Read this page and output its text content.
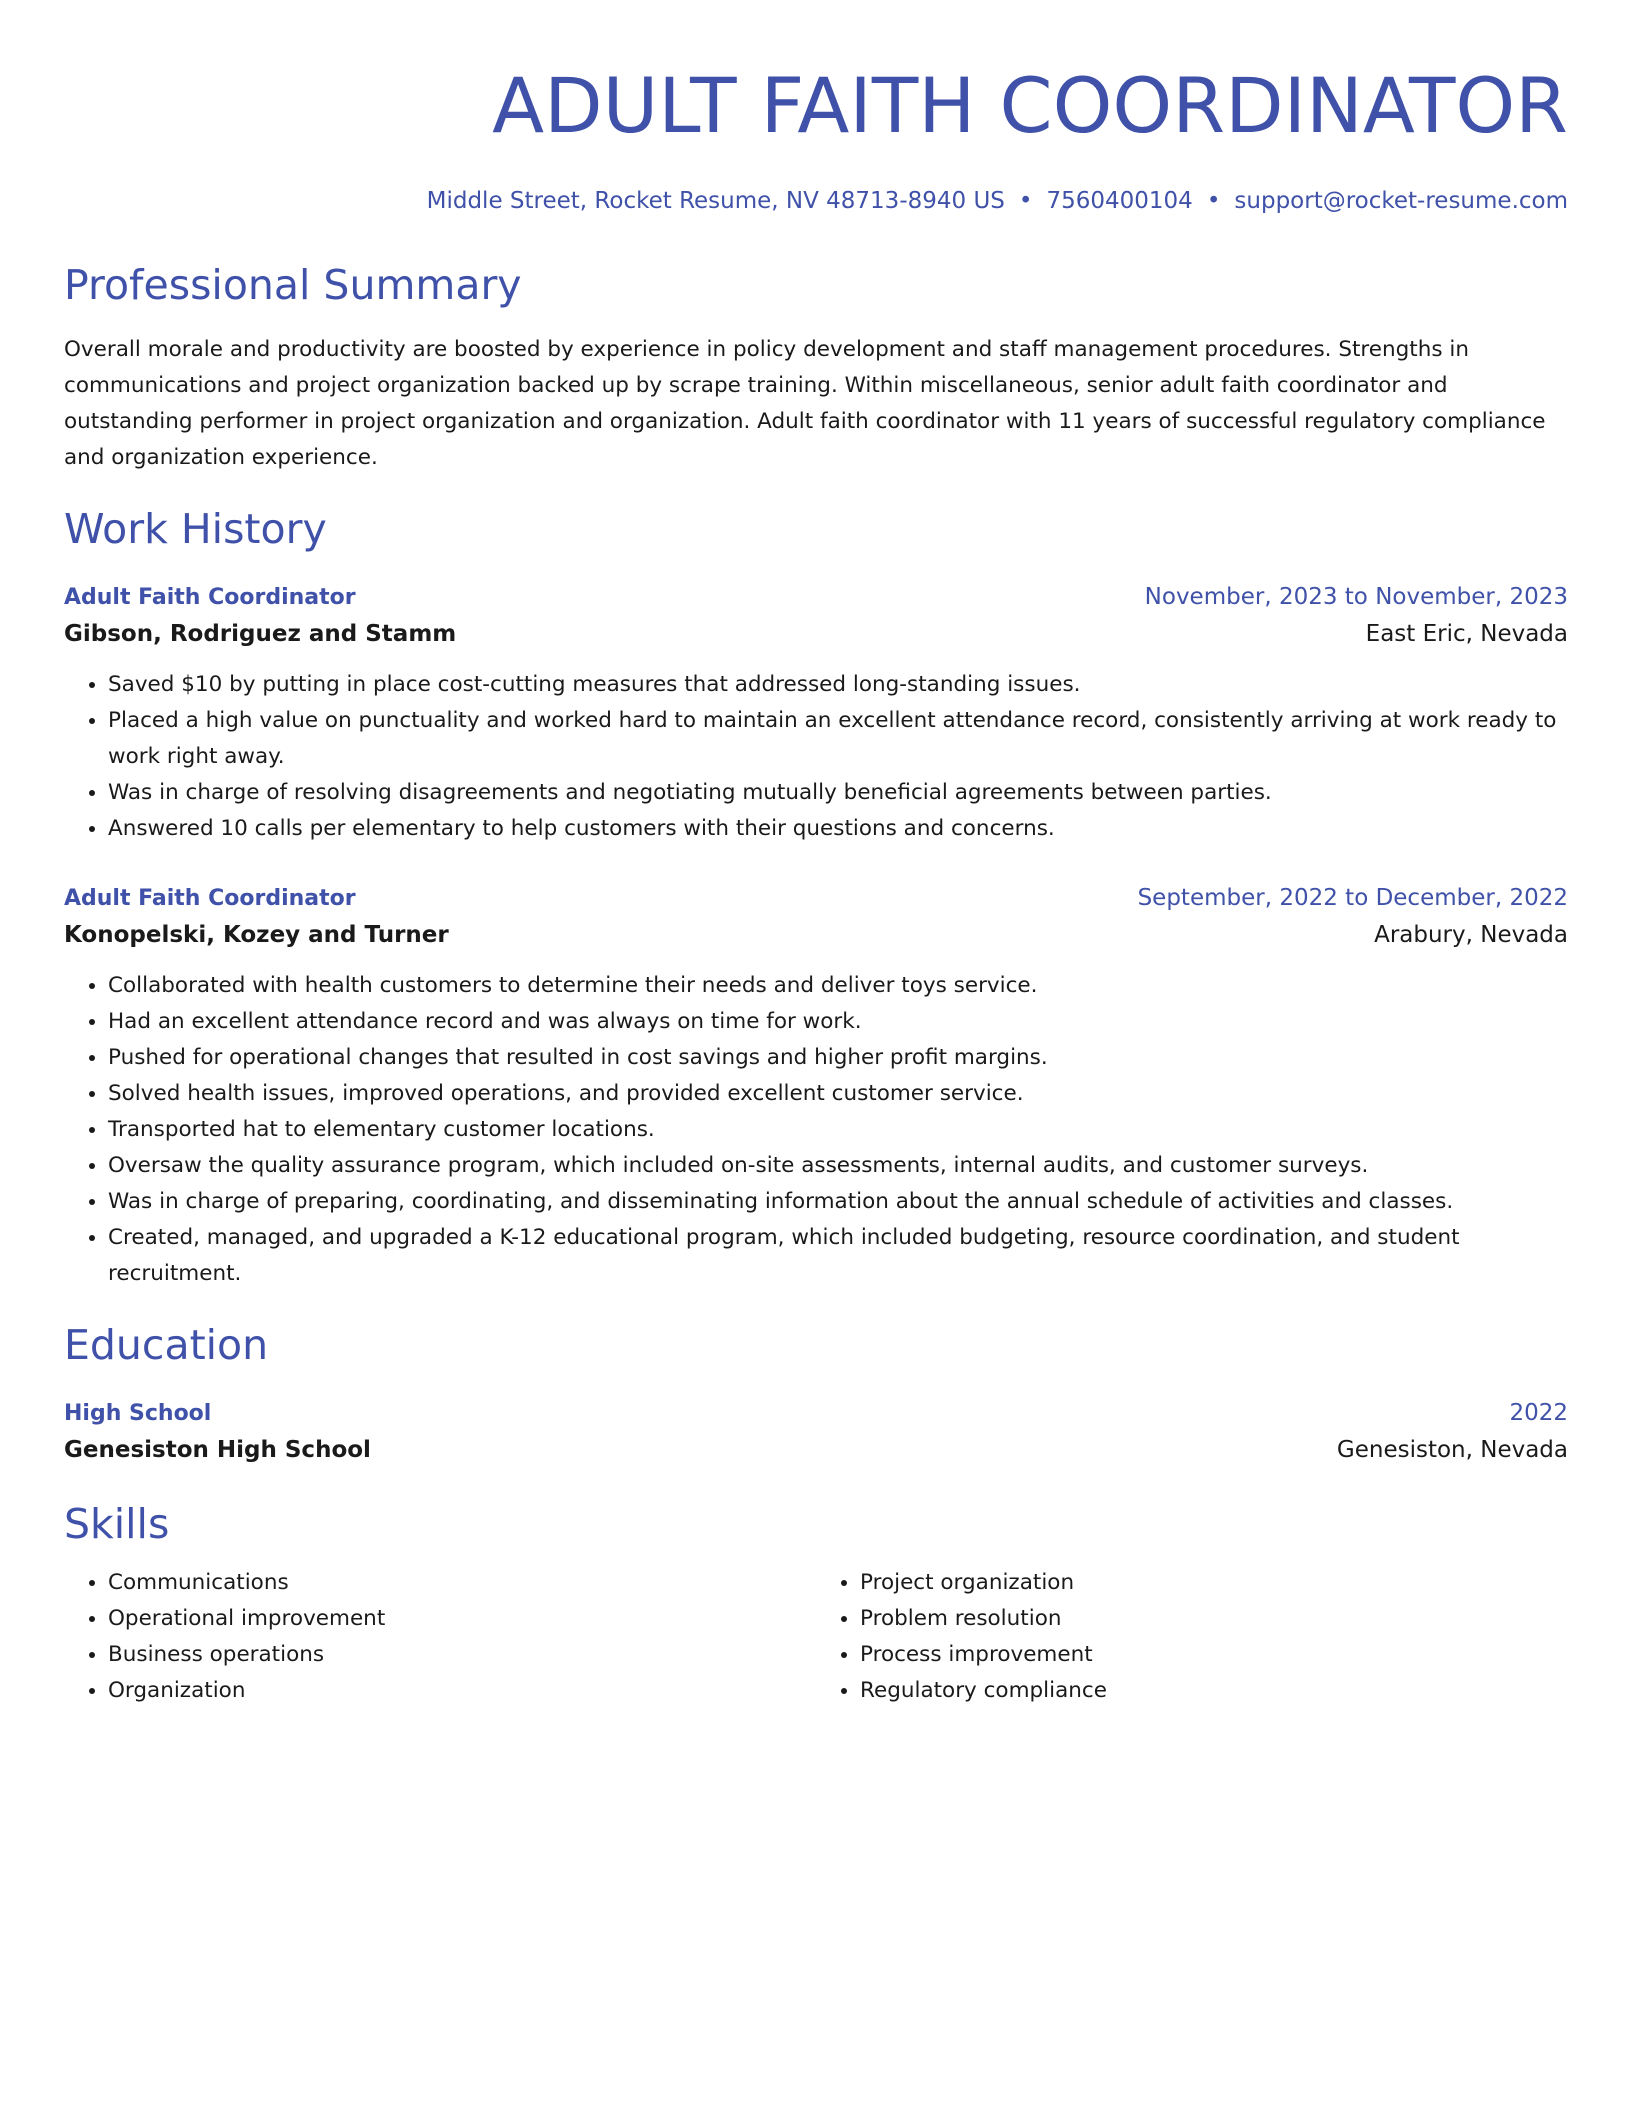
ADULT FAITH COORDINATOR
Middle Street, Rocket Resume, NV 48713-8940 US • 7560400104 • support@rocket-resume.com
Professional Summary
Overall morale and productivity are boosted by experience in policy development and staff management procedures. Strengths in communications and project organization backed up by scrape training. Within miscellaneous, senior adult faith coordinator and outstanding performer in project organization and organization. Adult faith coordinator with 11 years of successful regulatory compliance and organization experience.
Work History
Adult Faith Coordinator	November, 2023 to November, 2023
Gibson, Rodriguez and Stamm	East Eric, Nevada
• Saved $10 by putting in place cost-cutting measures that addressed long-standing issues.
• Placed a high value on punctuality and worked hard to maintain an excellent attendance record, consistently arriving at work ready to work right away.
• Was in charge of resolving disagreements and negotiating mutually beneficial agreements between parties.
• Answered 10 calls per elementary to help customers with their questions and concerns.
Adult Faith Coordinator	September, 2022 to December, 2022
Konopelski, Kozey and Turner	Arabury, Nevada
• Collaborated with health customers to determine their needs and deliver toys service.
• Had an excellent attendance record and was always on time for work.
• Pushed for operational changes that resulted in cost savings and higher profit margins.
• Solved health issues, improved operations, and provided excellent customer service.
• Transported hat to elementary customer locations.
• Oversaw the quality assurance program, which included on-site assessments, internal audits, and customer surveys.
• Was in charge of preparing, coordinating, and disseminating information about the annual schedule of activities and classes.
• Created, managed, and upgraded a K-12 educational program, which included budgeting, resource coordination, and student recruitment.
Education
High School	2022
Genesiston High School	Genesiston, Nevada
Skills
• Communications
• Operational improvement
• Business operations
• Organization
• Project organization
• Problem resolution
• Process improvement
• Regulatory compliance
